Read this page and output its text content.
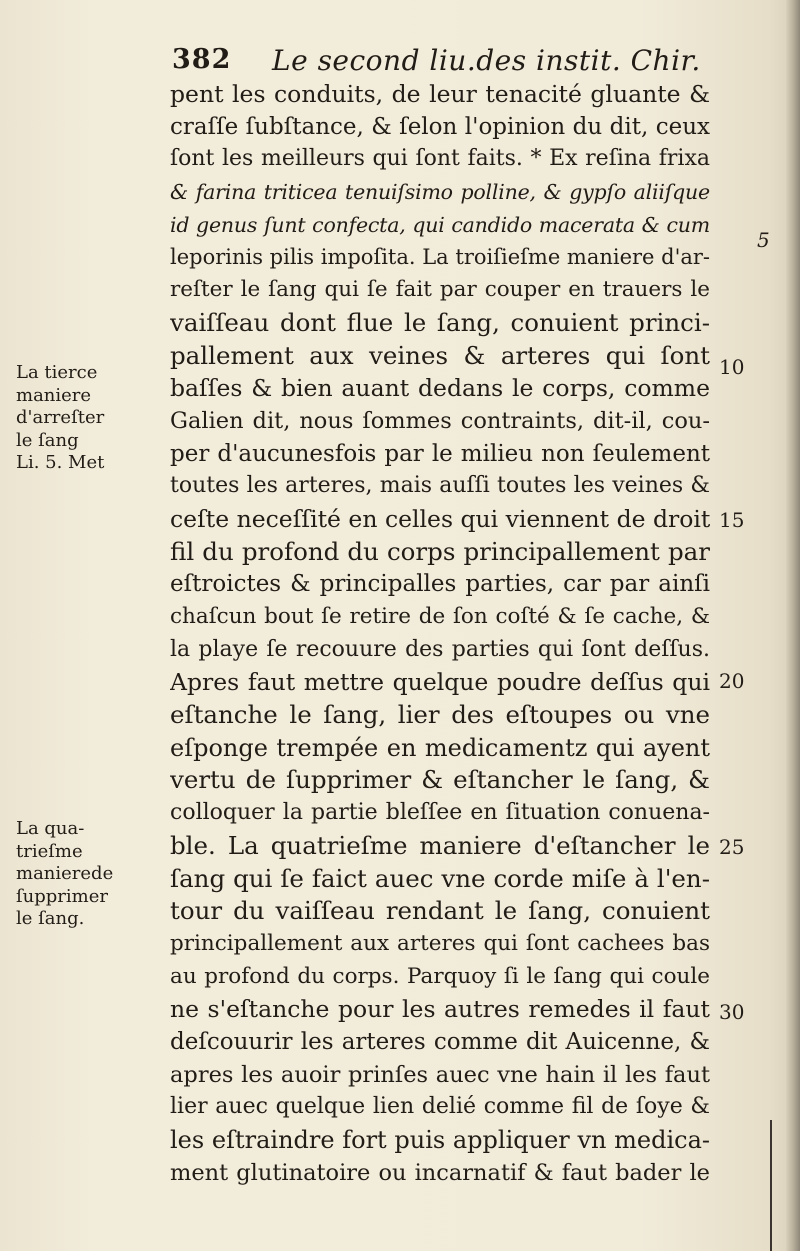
382 Le second liu.des instit. Chir.
pent les conduits, de leur tenacité gluante &
craſſe ſubſtance, & ſelon l'opinion du dit, ceux
ſont les meilleurs qui ſont faits. * Ex reſina frixa
& farina triticea tenuiſsimo polline, & gypſo aliiſque
id genus ſunt confecta, qui candido macerata & cum
leporinis pilis impoſita. La troiſieſme maniere d'ar-
reſter le ſang qui ſe fait par couper en trauers le
vaiſſeau dont flue le ſang, conuient princi-
pallement aux veines & arteres qui ſont
baſſes & bien auant dedans le corps, comme
Galien dit, nous ſommes contraints, dit-il, cou-
per d'aucunesfois par le milieu non ſeulement
toutes les arteres, mais auſſi toutes les veines &
ceſte neceſſité en celles qui viennent de droit
fil du profond du corps principallement par
eſtroictes & principalles parties, car par ainſi
chaſcun bout ſe retire de ſon coſté & ſe cache, &
la playe ſe recouure des parties qui ſont deſſus.
Apres faut mettre quelque poudre deſſus qui
eſtanche le ſang, lier des eſtoupes ou vne
eſponge trempée en medicamentz qui ayent
vertu de ſupprimer & eſtancher le ſang, &
colloquer la partie bleſſee en ſituation conuena-
ble. La quatrieſme maniere d'eſtancher le
ſang qui ſe faict auec vne corde miſe à l'en-
tour du vaiſſeau rendant le ſang, conuient
principallement aux arteres qui ſont cachees bas
au profond du corps. Parquoy ſi le ſang qui coule
ne s'eſtanche pour les autres remedes il faut
deſcouurir les arteres comme dit Auicenne, &
apres les auoir prinſes auec vne hain il les faut
lier auec quelque lien delié comme fil de ſoye &
les eſtraindre fort puis appliquer vn medica-
ment glutinatoire ou incarnatif & faut bader le
La tierce
maniere
d'arreſter
le ſang
Li. 5. Met
La qua-
trieſme
manierede
ſupprimer
le ſang.
5
10
15
20
25
30
